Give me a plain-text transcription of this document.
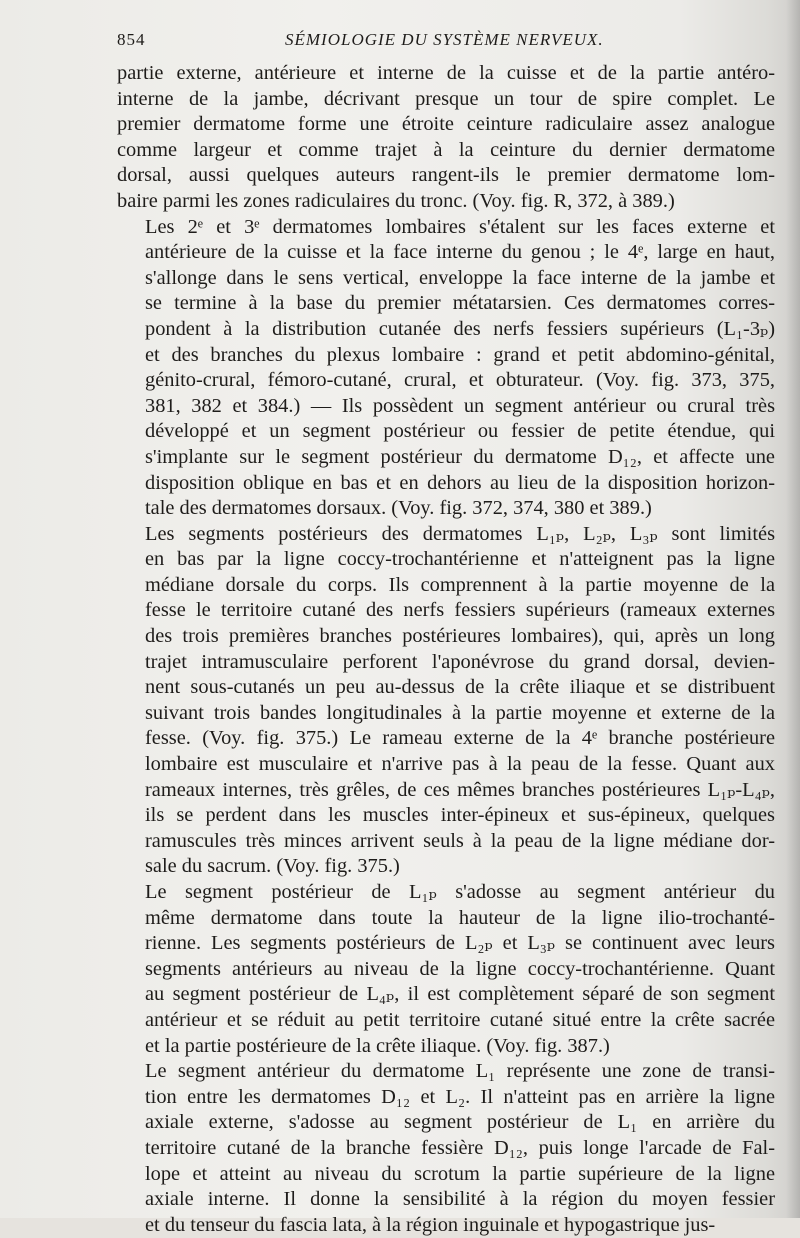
854	SÉMIOLOGIE DU SYSTÈME NERVEUX.

partie externe, antérieure et interne de la cuisse et de la partie antéro-
interne de la jambe, décrivant presque un tour de spire complet. Le
premier dermatome forme une étroite ceinture radiculaire assez analogue
comme largeur et comme trajet à la ceinture du dernier dermatome
dorsal, aussi quelques auteurs rangent-ils le premier dermatome lom-
baire parmi les zones radiculaires du tronc. (Voy. fig. R, 372, à 389.)

Les 2ᵉ et 3ᵉ dermatomes lombaires s'étalent sur les faces externe et
antérieure de la cuisse et la face interne du genou ; le 4ᵉ, large en haut,
s'allonge dans le sens vertical, enveloppe la face interne de la jambe et
se termine à la base du premier métatarsien. Ces dermatomes corres-
pondent à la distribution cutanée des nerfs fessiers supérieurs (L₁-3ₚ)
et des branches du plexus lombaire : grand et petit abdomino-génital,
génito-crural, fémoro-cutané, crural, et obturateur. (Voy. fig. 373, 375,
381, 382 et 384.) — Ils possèdent un segment antérieur ou crural très
développé et un segment postérieur ou fessier de petite étendue, qui
s'implante sur le segment postérieur du dermatome D₁₂, et affecte une
disposition oblique en bas et en dehors au lieu de la disposition horizon-
tale des dermatomes dorsaux. (Voy. fig. 372, 374, 380 et 389.)

Les segments postérieurs des dermatomes L₁ₚ, L₂ₚ, L₃ₚ sont limités
en bas par la ligne coccy-trochantérienne et n'atteignent pas la ligne
médiane dorsale du corps. Ils comprennent à la partie moyenne de la
fesse le territoire cutané des nerfs fessiers supérieurs (rameaux externes
des trois premières branches postérieures lombaires), qui, après un long
trajet intramusculaire perforent l'aponévrose du grand dorsal, devien-
nent sous-cutanés un peu au-dessus de la crête iliaque et se distribuent
suivant trois bandes longitudinales à la partie moyenne et externe de la
fesse. (Voy. fig. 375.) Le rameau externe de la 4ᵉ branche postérieure
lombaire est musculaire et n'arrive pas à la peau de la fesse. Quant aux
rameaux internes, très grêles, de ces mêmes branches postérieures L₁ₚ-L₄ₚ,
ils se perdent dans les muscles inter-épineux et sus-épineux, quelques
ramuscules très minces arrivent seuls à la peau de la ligne médiane dor-
sale du sacrum. (Voy. fig. 375.)

Le segment postérieur de L₁ₚ s'adosse au segment antérieur du
même dermatome dans toute la hauteur de la ligne ilio-trochanté-
rienne. Les segments postérieurs de L₂ₚ et L₃ₚ se continuent avec leurs
segments antérieurs au niveau de la ligne coccy-trochantérienne. Quant
au segment postérieur de L₄ₚ, il est complètement séparé de son segment
antérieur et se réduit au petit territoire cutané situé entre la crête sacrée
et la partie postérieure de la crête iliaque. (Voy. fig. 387.)

Le segment antérieur du dermatome L₁ représente une zone de transi-
tion entre les dermatomes D₁₂ et L₂. Il n'atteint pas en arrière la ligne
axiale externe, s'adosse au segment postérieur de L₁ en arrière du
territoire cutané de la branche fessière D₁₂, puis longe l'arcade de Fal-
lope et atteint au niveau du scrotum la partie supérieure de la ligne
axiale interne. Il donne la sensibilité à la région du moyen fessier
et du tenseur du fascia lata, à la région inguinale et hypogastrique jus-
